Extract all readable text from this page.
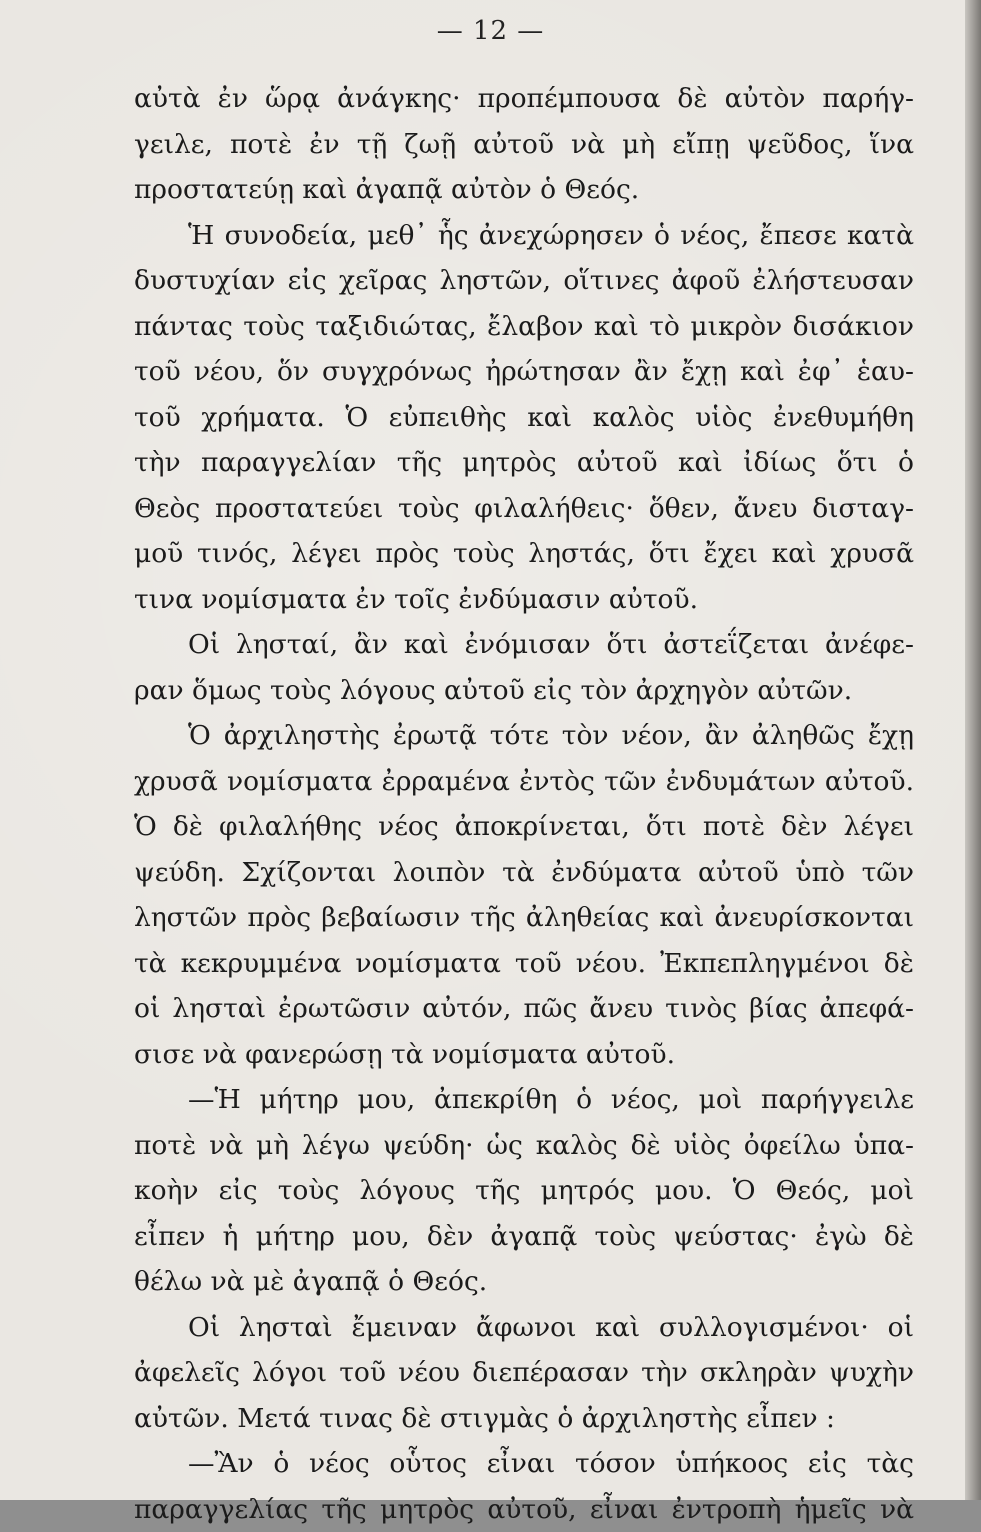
— 12 —
αὐτὰ ἐν ὥρᾳ ἀνάγκης· προπέμπουσα δὲ αὐτὸν παρήγ-
γειλε, ποτὲ ἐν τῇ ζωῇ αὐτοῦ νὰ μὴ εἴπῃ ψεῦδος, ἵνα
προστατεύῃ καὶ ἀγαπᾷ αὐτὸν ὁ Θεός.
Ἡ συνοδεία, μεθ᾽ ἧς ἀνεχώρησεν ὁ νέος, ἔπεσε κατὰ
δυστυχίαν εἰς χεῖρας ληστῶν, οἵτινες ἀφοῦ ἐλήστευσαν
πάντας τοὺς ταξιδιώτας, ἔλαβον καὶ τὸ μικρὸν δισάκιον
τοῦ νέου, ὅν συγχρόνως ἠρώτησαν ἂν ἔχῃ καὶ ἐφ᾽ ἑαυ-
τοῦ χρήματα. Ὁ εὐπειθὴς καὶ καλὸς υἱὸς ἐνεθυμήθη
τὴν παραγγελίαν τῆς μητρὸς αὐτοῦ καὶ ἰδίως ὅτι ὁ
Θεὸς προστατεύει τοὺς φιλαλήθεις· ὅθεν, ἄνευ δισταγ-
μοῦ τινός, λέγει πρὸς τοὺς ληστάς, ὅτι ἔχει καὶ χρυσᾶ
τινα νομίσματα ἐν τοῖς ἐνδύμασιν αὐτοῦ.
Οἱ λησταί, ἂν καὶ ἐνόμισαν ὅτι ἀστεΐζεται ἀνέφε-
ραν ὅμως τοὺς λόγους αὐτοῦ εἰς τὸν ἀρχηγὸν αὐτῶν.
Ὁ ἀρχιληστὴς ἐρωτᾷ τότε τὸν νέον, ἂν ἀληθῶς ἔχῃ
χρυσᾶ νομίσματα ἐρραμένα ἐντὸς τῶν ἐνδυμάτων αὐτοῦ.
Ὁ δὲ φιλαλήθης νέος ἀποκρίνεται, ὅτι ποτὲ δὲν λέγει
ψεύδη. Σχίζονται λοιπὸν τὰ ἐνδύματα αὐτοῦ ὑπὸ τῶν
ληστῶν πρὸς βεβαίωσιν τῆς ἀληθείας καὶ ἀνευρίσκονται
τὰ κεκρυμμένα νομίσματα τοῦ νέου. Ἐκπεπληγμένοι δὲ
οἱ λησταὶ ἐρωτῶσιν αὐτόν, πῶς ἄνευ τινὸς βίας ἀπεφά-
σισε νὰ φανερώσῃ τὰ νομίσματα αὐτοῦ.
—Ἡ μήτηρ μου, ἀπεκρίθη ὁ νέος, μοὶ παρήγγειλε
ποτὲ νὰ μὴ λέγω ψεύδη· ὡς καλὸς δὲ υἱὸς ὀφείλω ὑπα-
κοὴν εἰς τοὺς λόγους τῆς μητρός μου. Ὁ Θεός, μοὶ
εἶπεν ἡ μήτηρ μου, δὲν ἀγαπᾷ τοὺς ψεύστας· ἐγὼ δὲ
θέλω νὰ μὲ ἀγαπᾷ ὁ Θεός.
Οἱ λησταὶ ἔμειναν ἄφωνοι καὶ συλλογισμένοι· οἱ
ἀφελεῖς λόγοι τοῦ νέου διεπέρασαν τὴν σκληρὰν ψυχὴν
αὐτῶν. Μετά τινας δὲ στιγμὰς ὁ ἀρχιληστὴς εἶπεν :
—Ἂν ὁ νέος οὗτος εἶναι τόσον ὑπήκοος εἰς τὰς
παραγγελίας τῆς μητρὸς αὐτοῦ, εἶναι ἐντροπὴ ἡμεῖς νὰ
